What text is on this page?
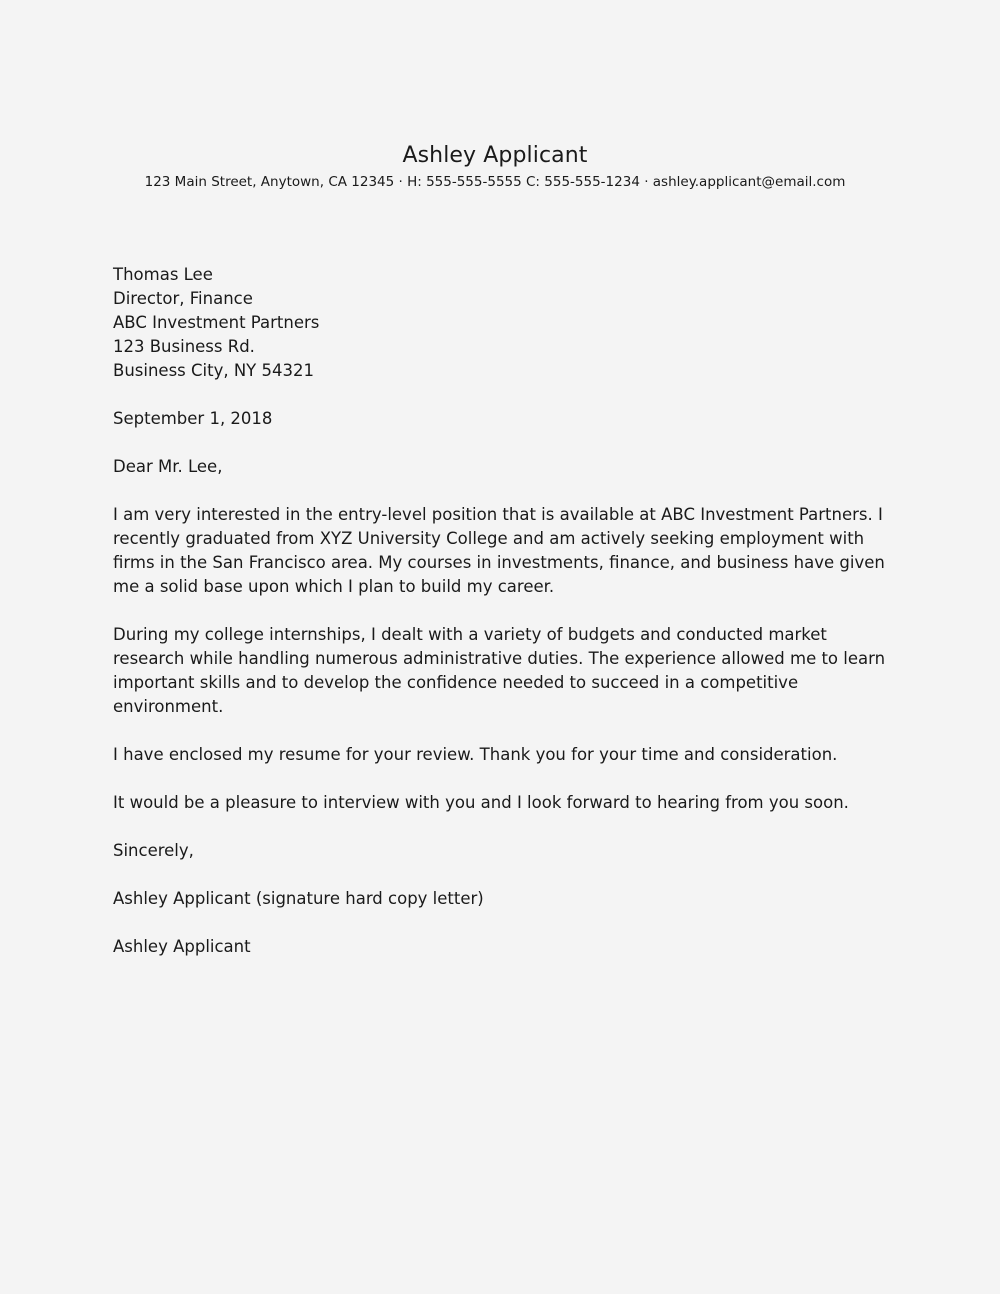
Ashley Applicant
123 Main Street, Anytown, CA 12345 · H: 555-555-5555 C: 555-555-1234 · ashley.applicant@email.com
Thomas Lee
Director, Finance
ABC Investment Partners
123 Business Rd.
Business City, NY 54321

September 1, 2018

Dear Mr. Lee,

I am very interested in the entry-level position that is available at ABC Investment Partners. I recently graduated from XYZ University College and am actively seeking employment with firms in the San Francisco area. My courses in investments, finance, and business have given me a solid base upon which I plan to build my career.

During my college internships, I dealt with a variety of budgets and conducted market research while handling numerous administrative duties. The experience allowed me to learn important skills and to develop the confidence needed to succeed in a competitive environment.

I have enclosed my resume for your review. Thank you for your time and consideration.

It would be a pleasure to interview with you and I look forward to hearing from you soon.

Sincerely,

Ashley Applicant (signature hard copy letter)

Ashley Applicant
